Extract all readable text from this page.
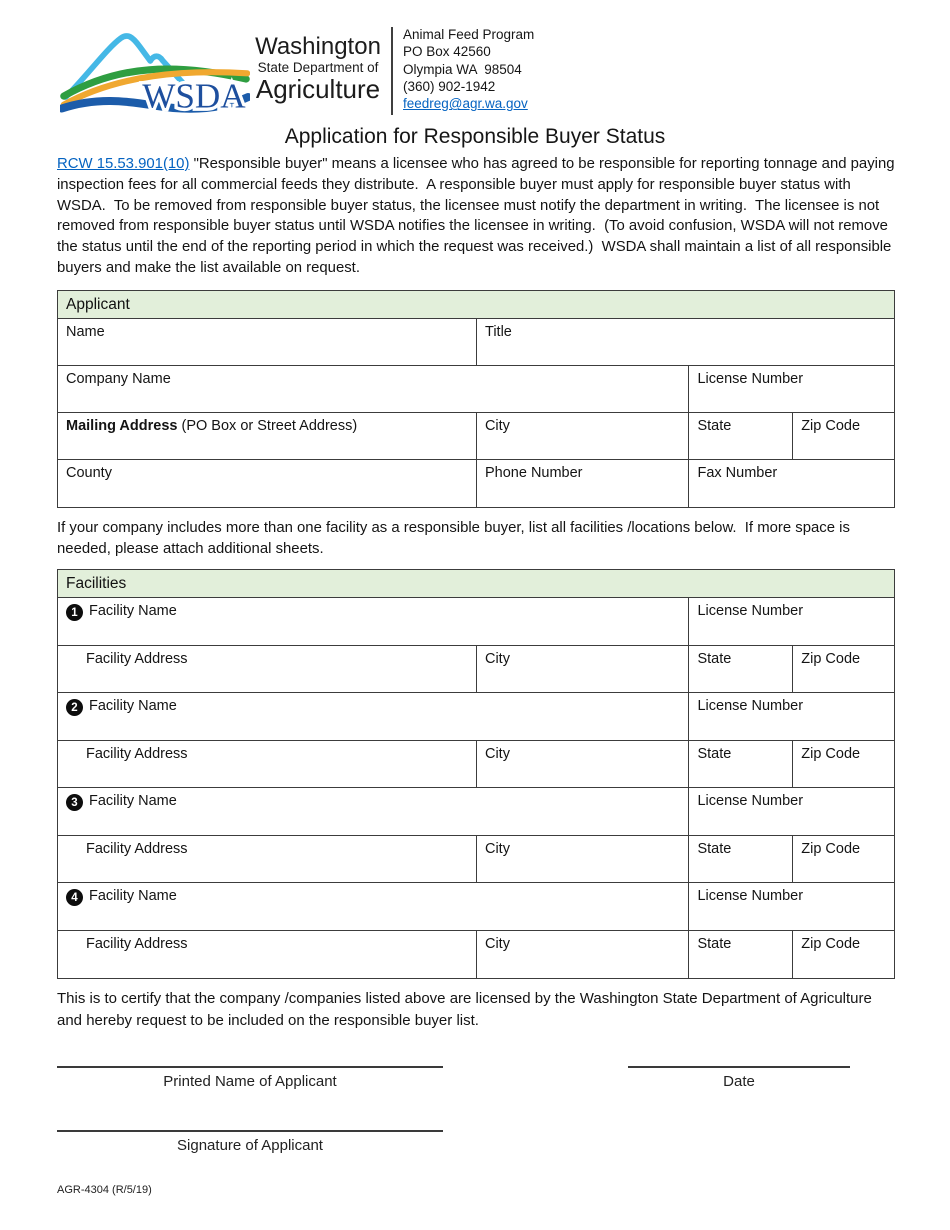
WSDA
Washington
State Department of
Agriculture
Animal Feed Program
PO Box 42560
Olympia WA  98504
(360) 902-1942
feedreg@agr.wa.gov
Application for Responsible Buyer Status
RCW 15.53.901(10) "Responsible buyer" means a licensee who has agreed to be responsible for reporting tonnage and paying inspection fees for all commercial feeds they distribute.  A responsible buyer must apply for responsible buyer status with WSDA.  To be removed from responsible buyer status, the licensee must notify the department in writing.  The licensee is not removed from responsible buyer status until WSDA notifies the licensee in writing.  (To avoid confusion, WSDA will not remove the status until the end of the reporting period in which the request was received.)  WSDA shall maintain a list of all responsible buyers and make the list available on request.
Applicant
Name	Title
Company Name	License Number
Mailing Address (PO Box or Street Address)	City	State	Zip Code
County	Phone Number	Fax Number
If your company includes more than one facility as a responsible buyer, list all facilities /locations below.  If more space is needed, please attach additional sheets.
Facilities
1 Facility Name	License Number
Facility Address	City	State	Zip Code
2 Facility Name	License Number
Facility Address	City	State	Zip Code
3 Facility Name	License Number
Facility Address	City	State	Zip Code
4 Facility Name	License Number
Facility Address	City	State	Zip Code
This is to certify that the company /companies listed above are licensed by the Washington State Department of Agriculture and hereby request to be included on the responsible buyer list.
Printed Name of Applicant	Date
Signature of Applicant
AGR-4304 (R/5/19)
